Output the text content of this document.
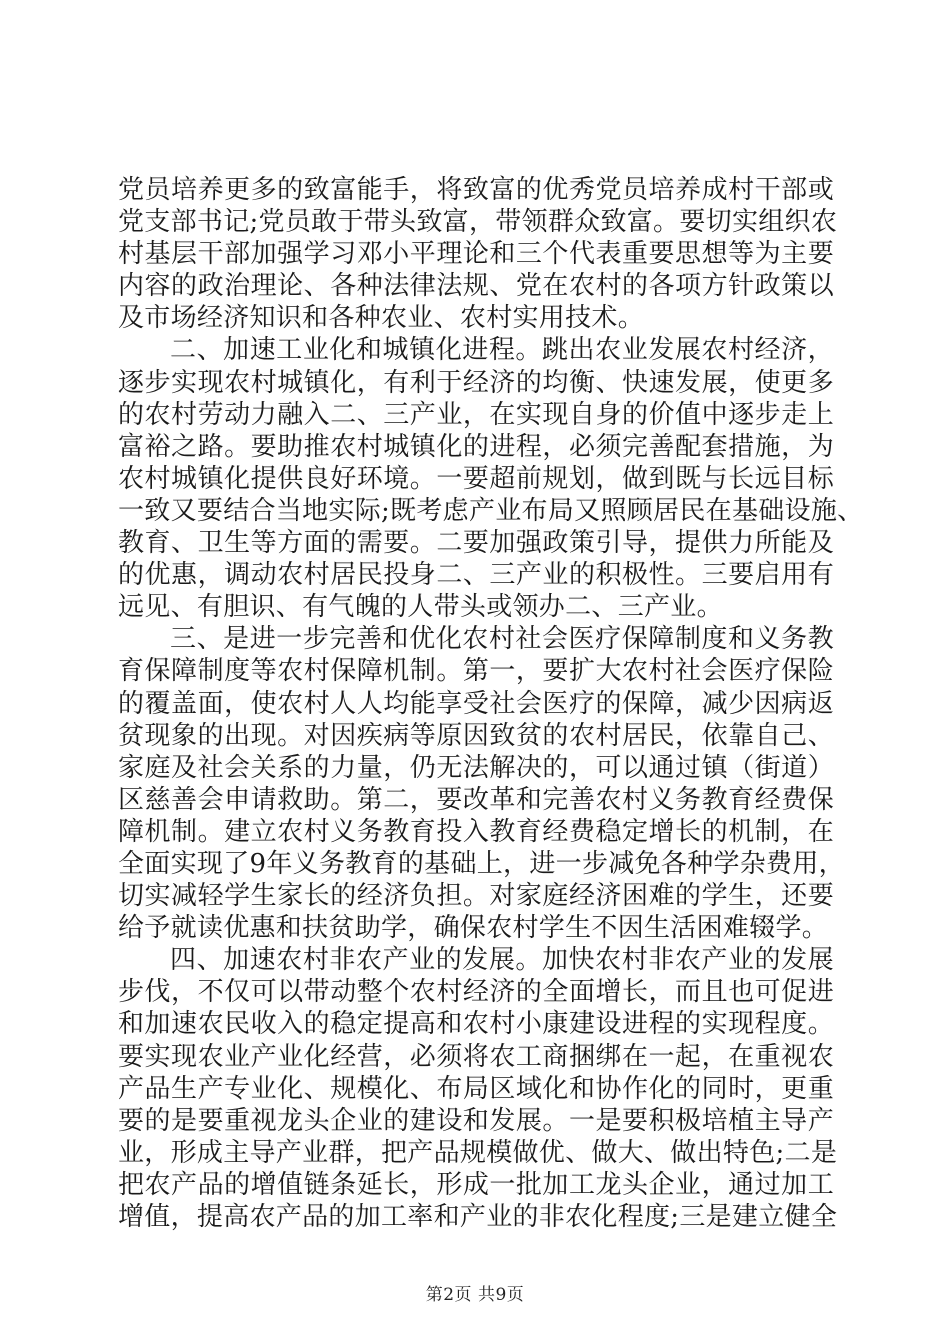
党员培养更多的致富能手，将致富的优秀党员培养成村干部或
党支部书记;党员敢于带头致富，带领群众致富。要切实组织农
村基层干部加强学习邓小平理论和三个代表重要思想等为主要
内容的政治理论、各种法律法规、党在农村的各项方针政策以
及市场经济知识和各种农业、农村实用技术。
二、加速工业化和城镇化进程。跳出农业发展农村经济，
逐步实现农村城镇化，有利于经济的均衡、快速发展，使更多
的农村劳动力融入二、三产业，在实现自身的价值中逐步走上
富裕之路。要助推农村城镇化的进程，必须完善配套措施，为
农村城镇化提供良好环境。一要超前规划，做到既与长远目标
一致又要结合当地实际;既考虑产业布局又照顾居民在基础设施、
教育、卫生等方面的需要。二要加强政策引导，提供力所能及
的优惠，调动农村居民投身二、三产业的积极性。三要启用有
远见、有胆识、有气魄的人带头或领办二、三产业。
三、是进一步完善和优化农村社会医疗保障制度和义务教
育保障制度等农村保障机制。第一，要扩大农村社会医疗保险
的覆盖面，使农村人人均能享受社会医疗的保障，减少因病返
贫现象的出现。对因疾病等原因致贫的农村居民，依靠自己、
家庭及社会关系的力量，仍无法解决的，可以通过镇（街道）
区慈善会申请救助。第二，要改革和完善农村义务教育经费保
障机制。建立农村义务教育投入教育经费稳定增长的机制，在
全面实现了9年义务教育的基础上，进一步减免各种学杂费用，
切实减轻学生家长的经济负担。对家庭经济困难的学生，还要
给予就读优惠和扶贫助学，确保农村学生不因生活困难辍学。
四、加速农村非农产业的发展。加快农村非农产业的发展
步伐，不仅可以带动整个农村经济的全面增长，而且也可促进
和加速农民收入的稳定提高和农村小康建设进程的实现程度。
要实现农业产业化经营，必须将农工商捆绑在一起，在重视农
产品生产专业化、规模化、布局区域化和协作化的同时，更重
要的是要重视龙头企业的建设和发展。一是要积极培植主导产
业，形成主导产业群，把产品规模做优、做大、做出特色;二是
把农产品的增值链条延长，形成一批加工龙头企业，通过加工
增值，提高农产品的加工率和产业的非农化程度;三是建立健全
第2页 共9页
